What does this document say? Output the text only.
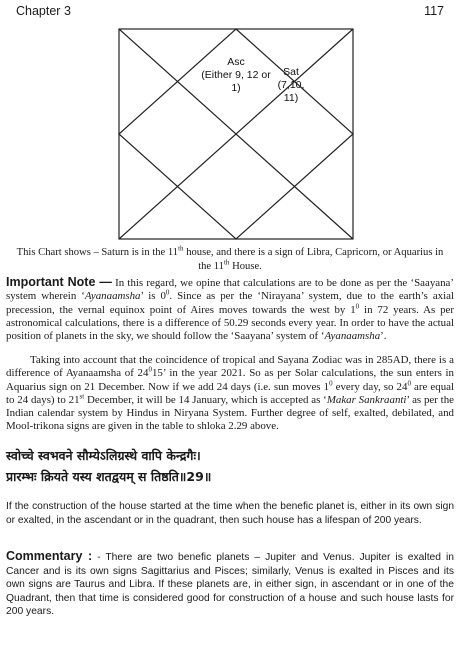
Chapter 3	117
Asc
(Either 9, 12 or
1)
Sat
(7,10,
11)
This Chart shows – Saturn is in the 11th house, and there is a sign of Libra, Capricorn, or Aquarius in the 11th House.
Important Note — In this regard, we opine that calculations are to be done as per the ‘Saayana’ system wherein ‘Ayanaamsha’ is $0^0$. Since as per the ‘Nirayana’ system, due to the earth’s axial precession, the vernal equinox point of Aires moves towards the west by $1^0$ in 72 years. As per astronomical calculations, there is a difference of 50.29 seconds every year. In order to have the actual position of planets in the sky, we should follow the ‘Saayana’ system of ‘Ayanaamsha’.
Taking into account that the coincidence of tropical and Sayana Zodiac was in 285AD, there is a difference of Ayanaamsha of $24^015$’ in the year 2021. So as per Solar calculations, the sun enters in Aquarius sign on 21 December. Now if we add 24 days (i.e. sun moves $1^0$ every day, so $24^0$ are equal to 24 days) to 21st December, it will be 14 January, which is accepted as ‘Makar Sankraanti’ as per the Indian calendar system by Hindus in Niryana System. Further degree of self, exalted, debilated, and Mool-trikona signs are given in the table to shloka 2.29 above.
स्वोच्चे स्वभवने सौम्येऽलिग्रस्थे वापि केन्द्रगैः।
प्रारम्भः क्रियते यस्य शतद्वयम् स तिष्ठति॥29॥
If the construction of the house started at the time when the benefic planet is, either in its own sign or exalted, in the ascendant or in the quadrant, then such house has a lifespan of 200 years.
Commentary : - There are two benefic planets – Jupiter and Venus. Jupiter is exalted in Cancer and is its own signs Sagittarius and Pisces; similarly, Venus is exalted in Pisces and its own signs are Taurus and Libra. If these planets are, in either sign, in ascendant or in one of the Quadrant, then that time is considered good for construction of a house and such house lasts for 200 years.
